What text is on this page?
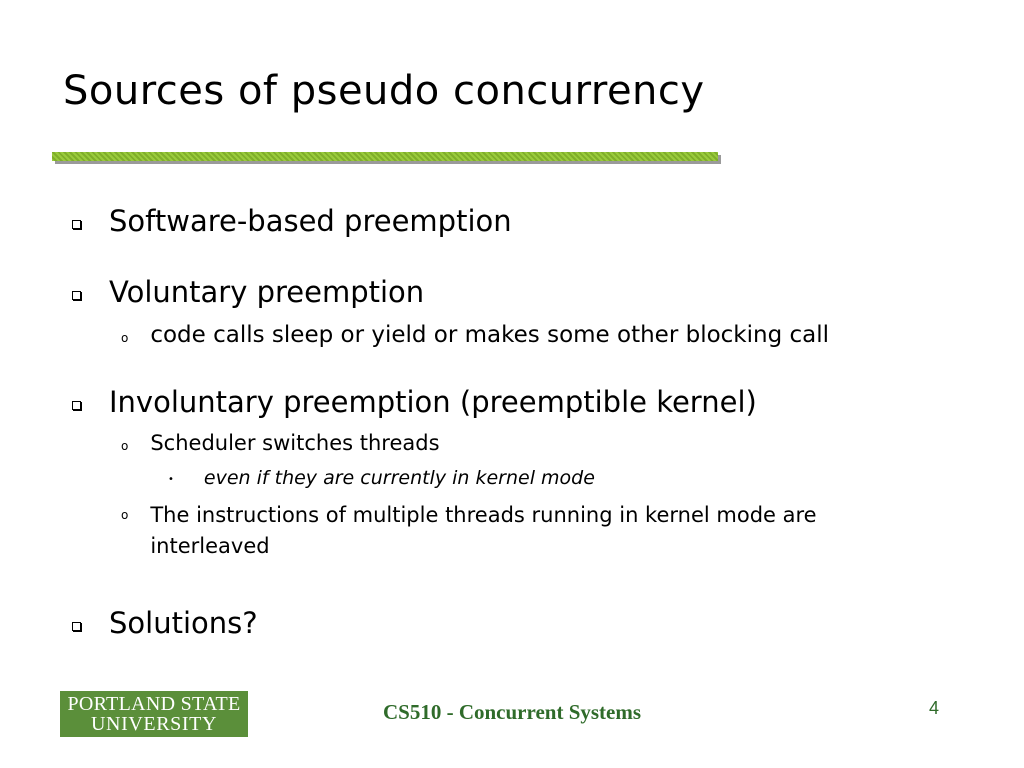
Sources of pseudo concurrency
Software-based preemption
Voluntary preemption
o code calls sleep or yield or makes some other blocking call
Involuntary preemption (preemptible kernel)
o Scheduler switches threads
• even if they are currently in kernel mode
o The instructions of multiple threads running in kernel mode are interleaved
Solutions?
PORTLAND STATE
UNIVERSITY	CS510 - Concurrent Systems	4
